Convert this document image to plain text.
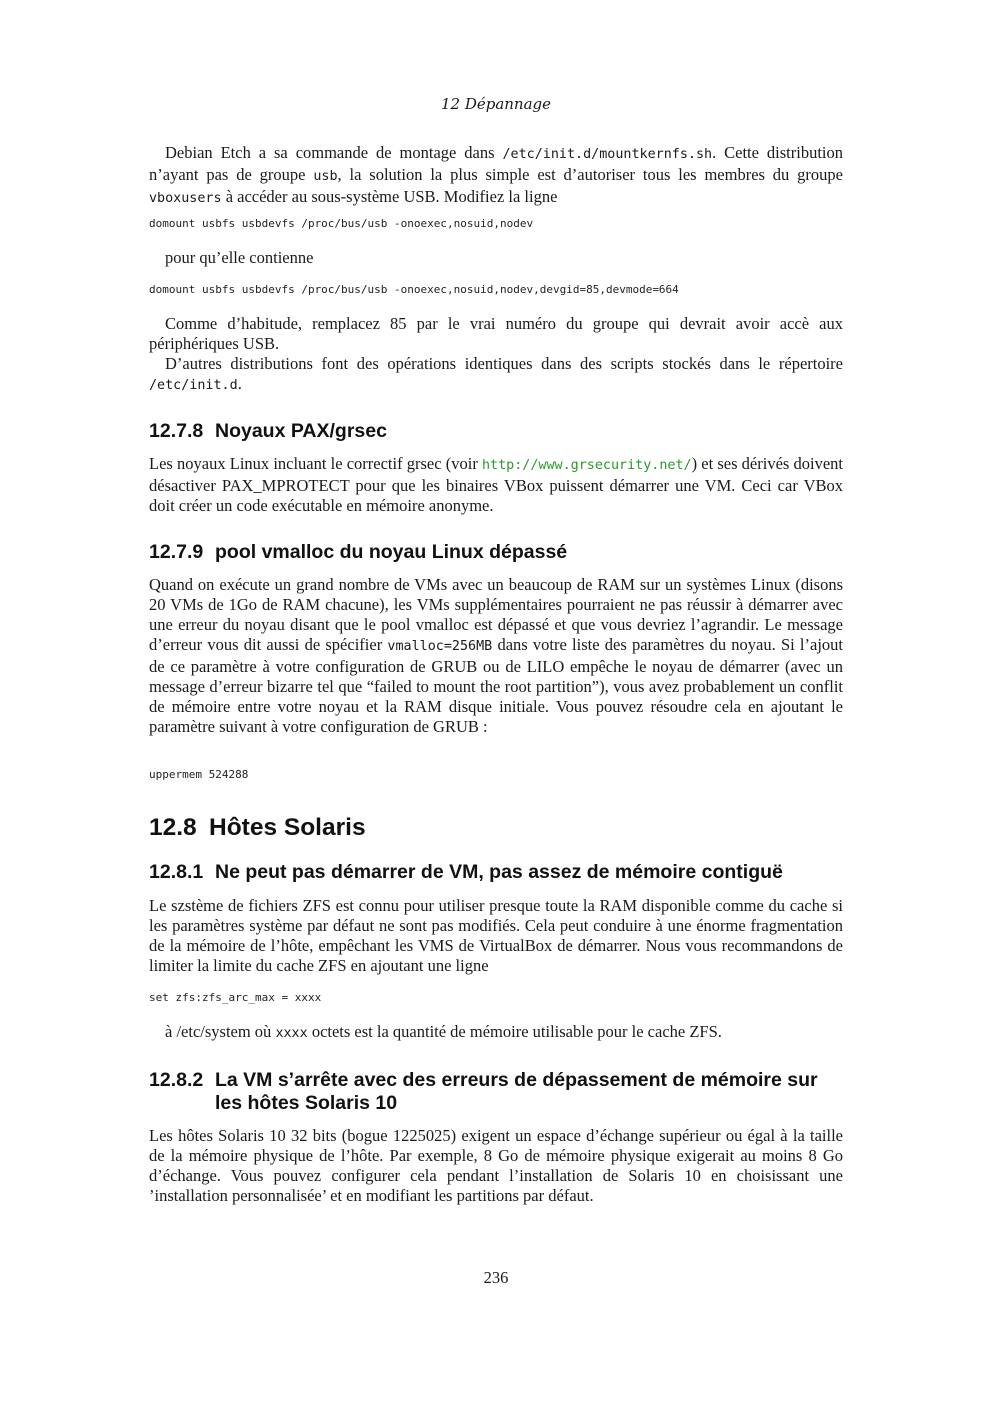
12 Dépannage
Debian Etch a sa commande de montage dans /etc/init.d/mountkernfs.sh. Cette distribution n’ayant pas de groupe usb, la solution la plus simple est d’autoriser tous les membres du groupe vboxusers à accéder au sous-système USB. Modifiez la ligne
domount usbfs usbdevfs /proc/bus/usb -onoexec,nosuid,nodev
pour qu’elle contienne
domount usbfs usbdevfs /proc/bus/usb -onoexec,nosuid,nodev,devgid=85,devmode=664
Comme d’habitude, remplacez 85 par le vrai numéro du groupe qui devrait avoir accè aux périphériques USB.
D’autres distributions font des opérations identiques dans des scripts stockés dans le répertoire /etc/init.d.
12.7.8 Noyaux PAX/grsec
Les noyaux Linux incluant le correctif grsec (voir http://www.grsecurity.net/) et ses dérivés doivent désactiver PAX_MPROTECT pour que les binaires VBox puissent démarrer une VM. Ceci car VBox doit créer un code exécutable en mémoire anonyme.
12.7.9 pool vmalloc du noyau Linux dépassé
Quand on exécute un grand nombre de VMs avec un beaucoup de RAM sur un systèmes Linux (disons 20 VMs de 1Go de RAM chacune), les VMs supplémentaires pourraient ne pas réussir à démarrer avec une erreur du noyau disant que le pool vmalloc est dépassé et que vous devriez l’agrandir. Le message d’erreur vous dit aussi de spécifier vmalloc=256MB dans votre liste des paramètres du noyau. Si l’ajout de ce paramètre à votre configuration de GRUB ou de LILO empêche le noyau de démarrer (avec un message d’erreur bizarre tel que “failed to mount the root partition”), vous avez probablement un conflit de mémoire entre votre noyau et la RAM disque initiale. Vous pouvez résoudre cela en ajoutant le paramètre suivant à votre configuration de GRUB :
uppermem 524288
12.8 Hôtes Solaris
12.8.1 Ne peut pas démarrer de VM, pas assez de mémoire contiguë
Le szstème de fichiers ZFS est connu pour utiliser presque toute la RAM disponible comme du cache si les paramètres système par défaut ne sont pas modifiés. Cela peut conduire à une énorme fragmentation de la mémoire de l’hôte, empêchant les VMS de VirtualBox de démarrer. Nous vous recommandons de limiter la limite du cache ZFS en ajoutant une ligne
set zfs:zfs_arc_max = xxxx
à /etc/system où xxxx octets est la quantité de mémoire utilisable pour le cache ZFS.
12.8.2 La VM s’arrête avec des erreurs de dépassement de mémoire sur les hôtes Solaris 10
Les hôtes Solaris 10 32 bits (bogue 1225025) exigent un espace d’échange supérieur ou égal à la taille de la mémoire physique de l’hôte. Par exemple, 8 Go de mémoire physique exigerait au moins 8 Go d’échange. Vous pouvez configurer cela pendant l’installation de Solaris 10 en choisissant une ’installation personnalisée’ et en modifiant les partitions par défaut.
236
